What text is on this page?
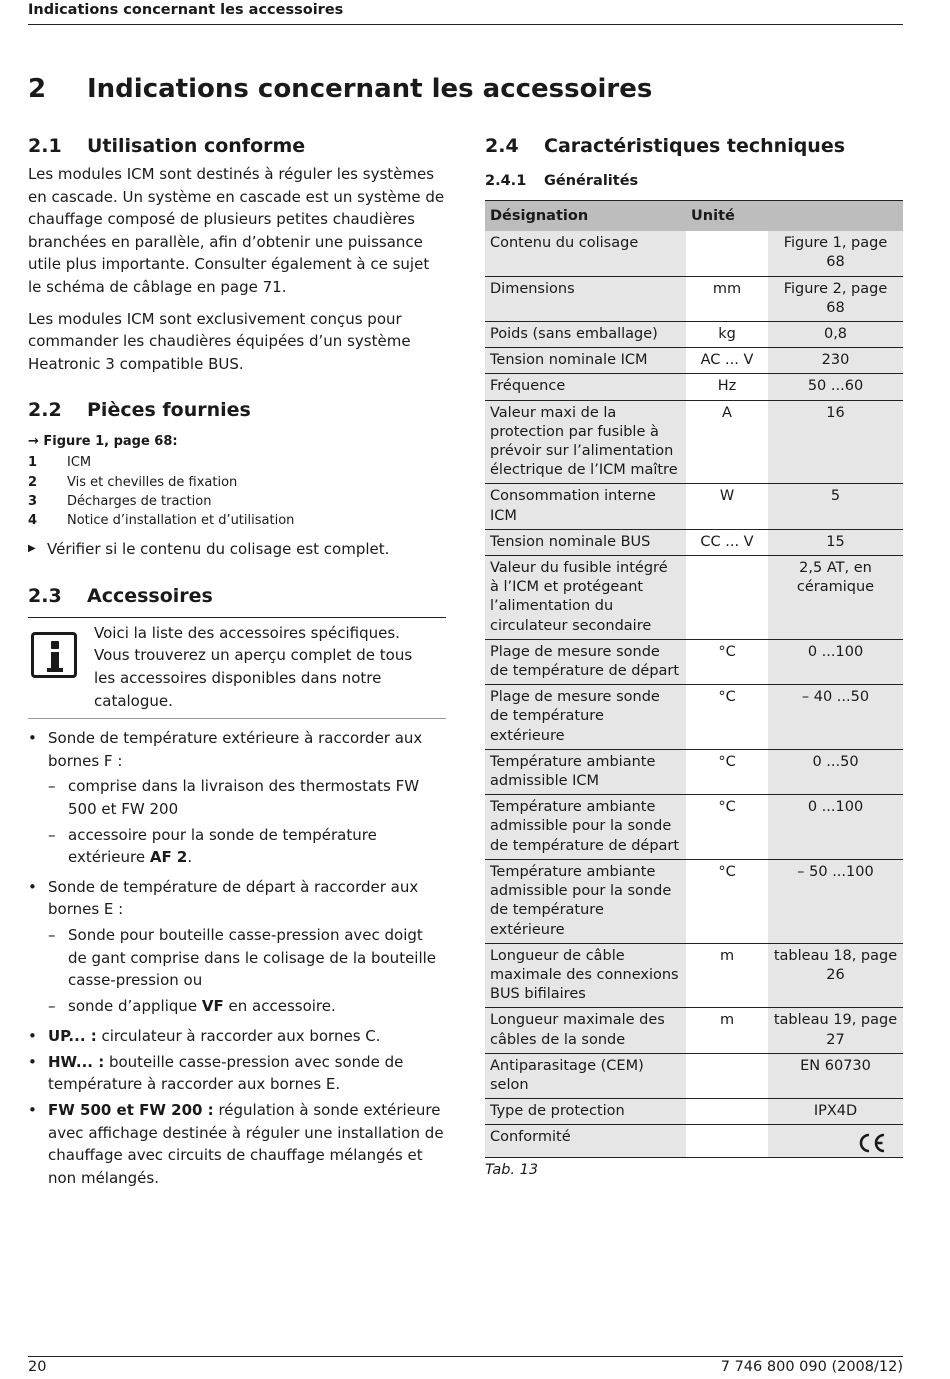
Indications concernant les accessoires
2 Indications concernant les accessoires
2.1 Utilisation conforme

Les modules ICM sont destinés à réguler les systèmes en cascade. Un système en cascade est un système de chauffage composé de plusieurs petites chaudières branchées en parallèle, afin d’obtenir une puissance utile plus importante. Consulter également à ce sujet le schéma de câblage en page 71.

Les modules ICM sont exclusivement conçus pour commander les chaudières équipées d’un système Heatronic 3 compatible BUS.

2.2 Pièces fournies

→ Figure 1, page 68:

1	ICM
2	Vis et chevilles de fixation
3	Décharges de traction
4	Notice d’installation et d’utilisation
▶ Vérifier si le contenu du colisage est complet.
2.3 Accessoires

Voici la liste des accessoires spécifiques. Vous trouverez un aperçu complet de tous les accessoires disponibles dans notre catalogue.

• Sonde de température extérieure à raccorder aux bornes F :
– comprise dans la livraison des thermostats FW 500 et FW 200
– accessoire pour la sonde de température extérieure AF 2.
• Sonde de température de départ à raccorder aux bornes E :
– Sonde pour bouteille casse-pression avec doigt de gant comprise dans le colisage de la bouteille casse-pression ou
– sonde d’applique VF en accessoire.
• UP... : circulateur à raccorder aux bornes C.
• HW... : bouteille casse-pression avec sonde de température à raccorder aux bornes E.
• FW 500 et FW 200 : régulation à sonde extérieure avec affichage destinée à réguler une installation de chauffage avec circuits de chauffage mélangés et non mélangés.
2.4 Caractéristiques techniques
2.4.1 Généralités
Désignation	Unité	
Contenu du colisage		Figure 1, page 68
Dimensions	mm	Figure 2, page 68
Poids (sans emballage)	kg	0,8
Tension nominale ICM	AC ... V	230
Fréquence	Hz	50 ...60
Valeur maxi de la protection par fusible à prévoir sur l’alimentation électrique de l’ICM maître	A	16
Consommation interne ICM	W	5
Tension nominale BUS	CC ... V	15
Valeur du fusible intégré à l’ICM et protégeant l’alimentation du circulateur secondaire		2,5 AT, en céramique
Plage de mesure sonde de température de départ	°C	0 ...100
Plage de mesure sonde de température extérieure	°C	– 40 ...50
Température ambiante admissible ICM	°C	0 ...50
Température ambiante admissible pour la sonde de température de départ	°C	0 ...100
Température ambiante admissible pour la sonde de température extérieure	°C	– 50 ...100
Longueur de câble maximale des connexions BUS bifilaires	m	tableau 18, page 26
Longueur maximale des câbles de la sonde	m	tableau 19, page 27
Antiparasitage (CEM) selon		EN 60730
Type de protection		IPX4D
Conformité		
Tab. 13
20	7 746 800 090 (2008/12)
